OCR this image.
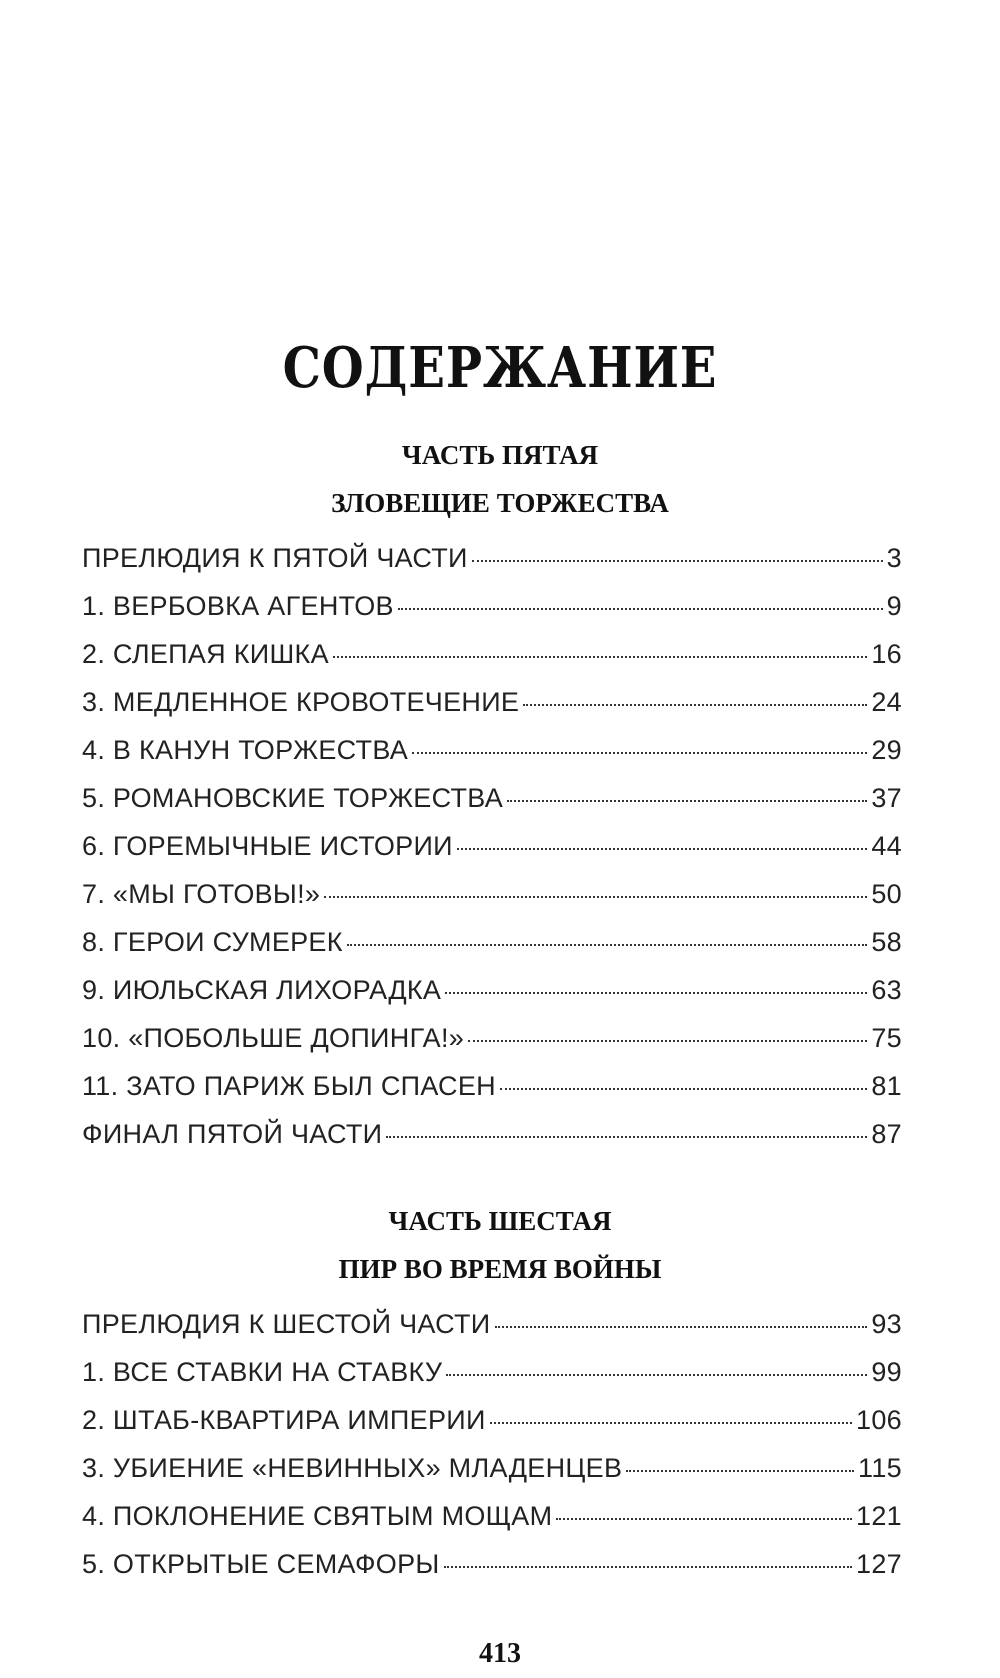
СОДЕРЖАНИЕ
ЧАСТЬ ПЯТАЯ
ЗЛОВЕЩИЕ ТОРЖЕСТВА
ПРЕЛЮДИЯ К ПЯТОЙ ЧАСТИ	3
1. ВЕРБОВКА АГЕНТОВ	9
2. СЛЕПАЯ КИШКА	16
3. МЕДЛЕННОЕ КРОВОТЕЧЕНИЕ	24
4. В КАНУН ТОРЖЕСТВА	29
5. РОМАНОВСКИЕ ТОРЖЕСТВА	37
6. ГОРЕМЫЧНЫЕ ИСТОРИИ	44
7. «МЫ ГОТОВЫ!»	50
8. ГЕРОИ СУМЕРЕК	58
9. ИЮЛЬСКАЯ ЛИХОРАДКА	63
10. «ПОБОЛЬШЕ ДОПИНГА!»	75
11. ЗАТО ПАРИЖ БЫЛ СПАСЕН	81
ФИНАЛ ПЯТОЙ ЧАСТИ	87
ЧАСТЬ ШЕСТАЯ
ПИР ВО ВРЕМЯ ВОЙНЫ
ПРЕЛЮДИЯ К ШЕСТОЙ ЧАСТИ	93
1. ВСЕ СТАВКИ НА СТАВКУ	99
2. ШТАБ-КВАРТИРА ИМПЕРИИ	106
3. УБИЕНИЕ «НЕВИННЫХ» МЛАДЕНЦЕВ	115
4. ПОКЛОНЕНИЕ СВЯТЫМ МОЩАМ	121
5. ОТКРЫТЫЕ СЕМАФОРЫ	127
413
